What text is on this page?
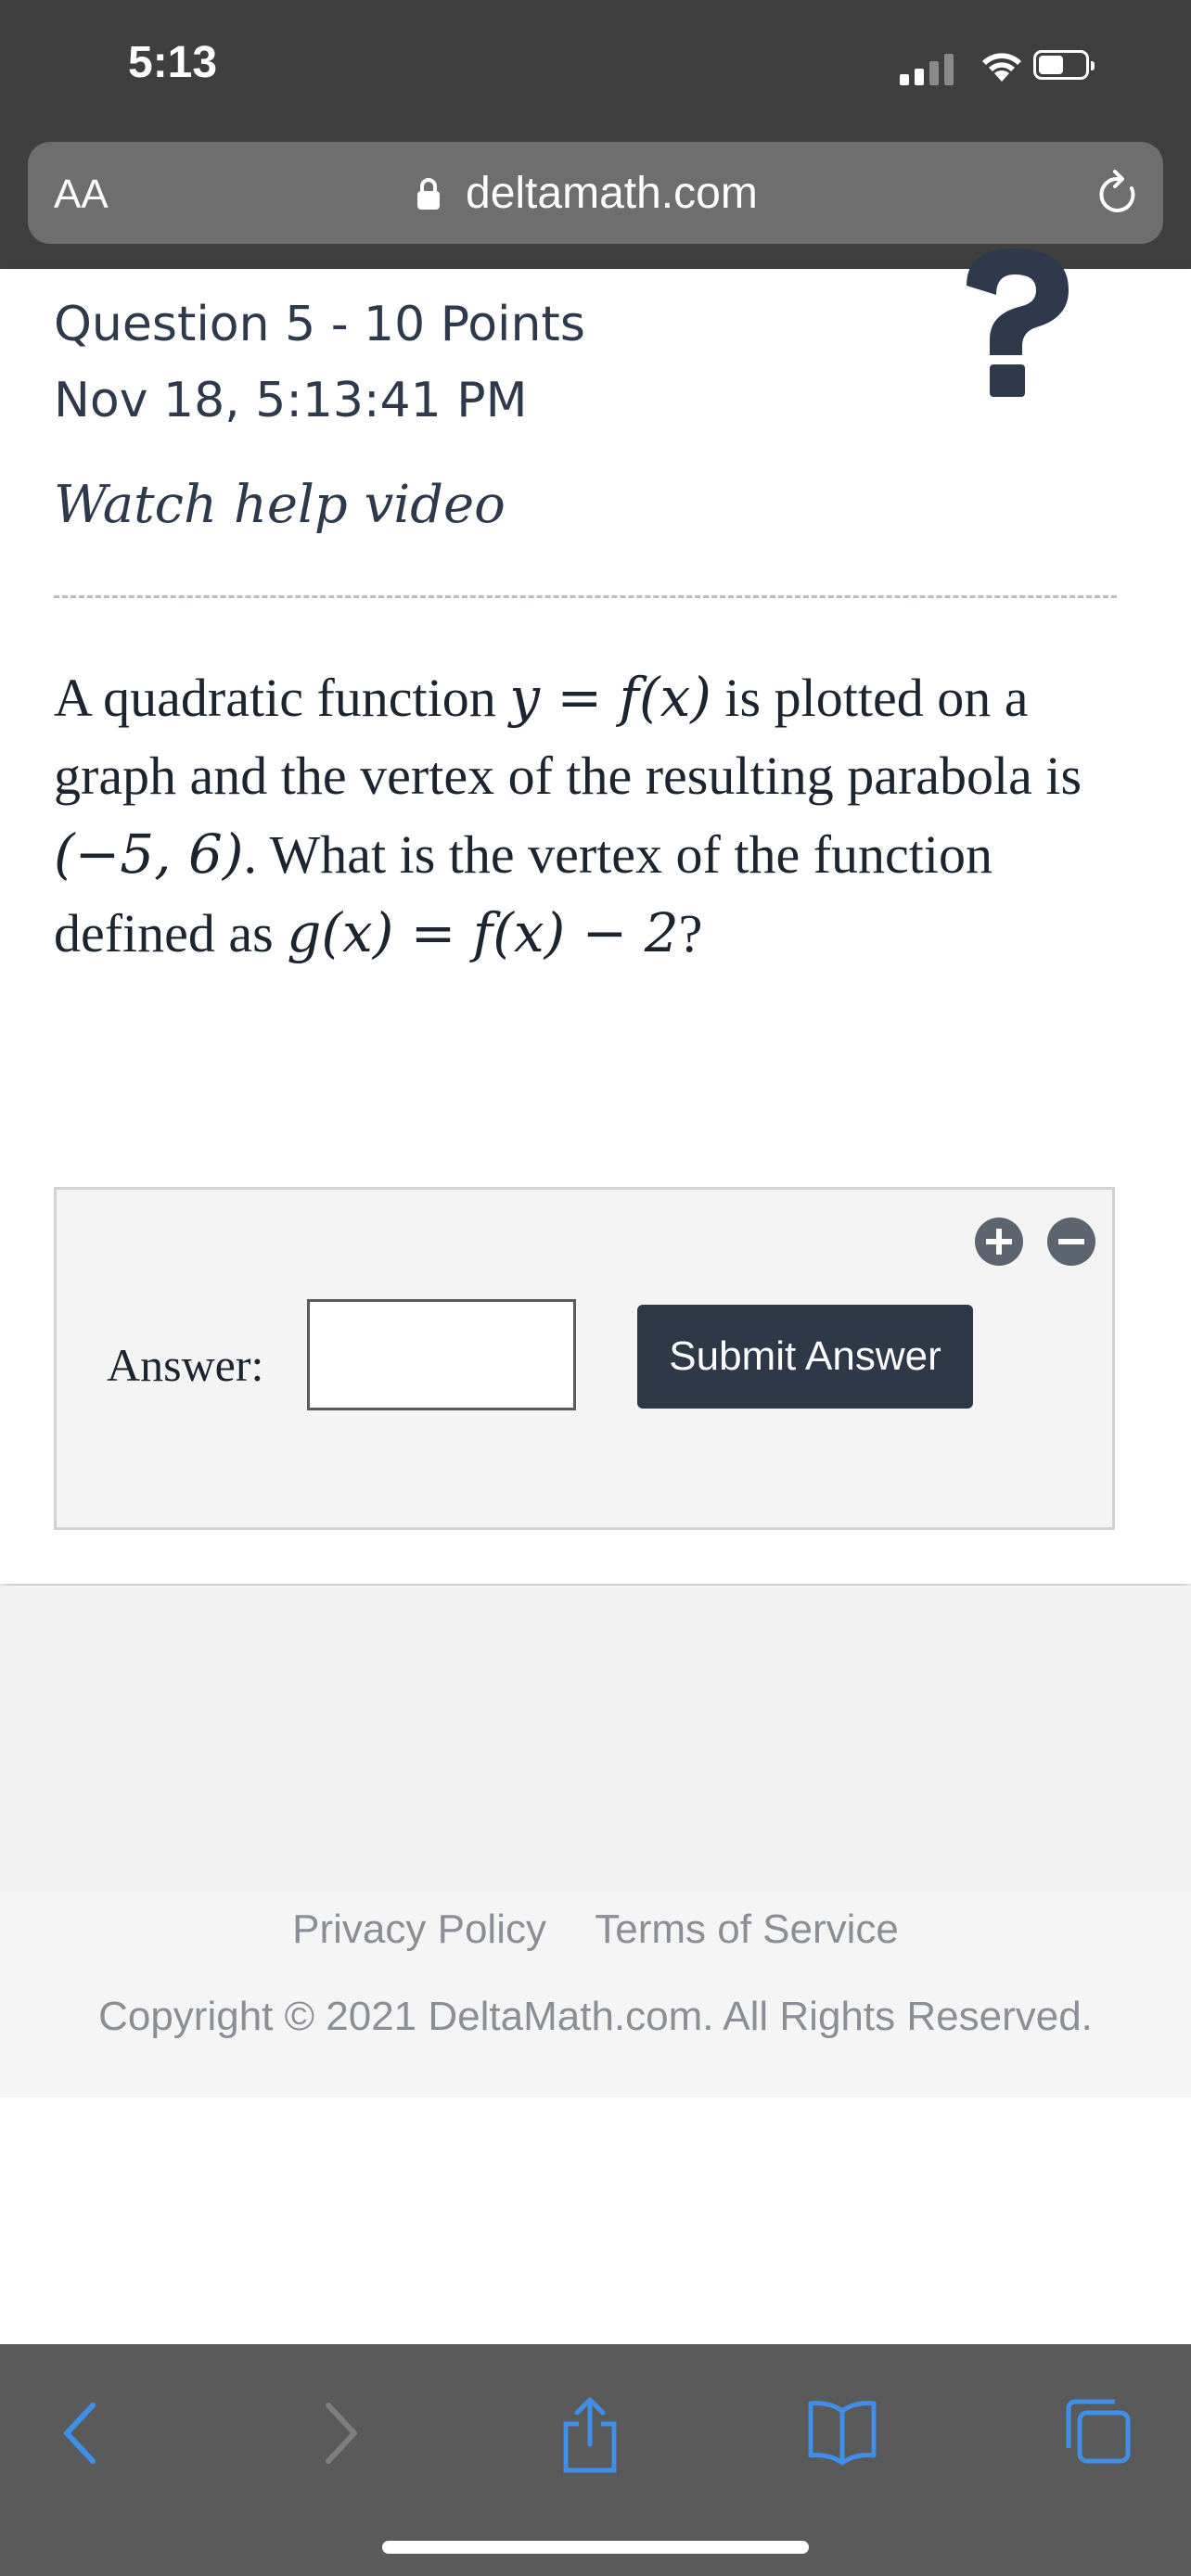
5:13
AA	deltamath.com
Question 5 - 10 Points
Nov 18, 5:13:41 PM
Watch help video
A quadratic function y = f(x) is plotted on a graph and the vertex of the resulting parabola is (−5, 6). What is the vertex of the function defined as g(x) = f(x) − 2?
Answer:	Submit Answer
Privacy Policy Terms of Service
Copyright © 2021 DeltaMath.com. All Rights Reserved.
